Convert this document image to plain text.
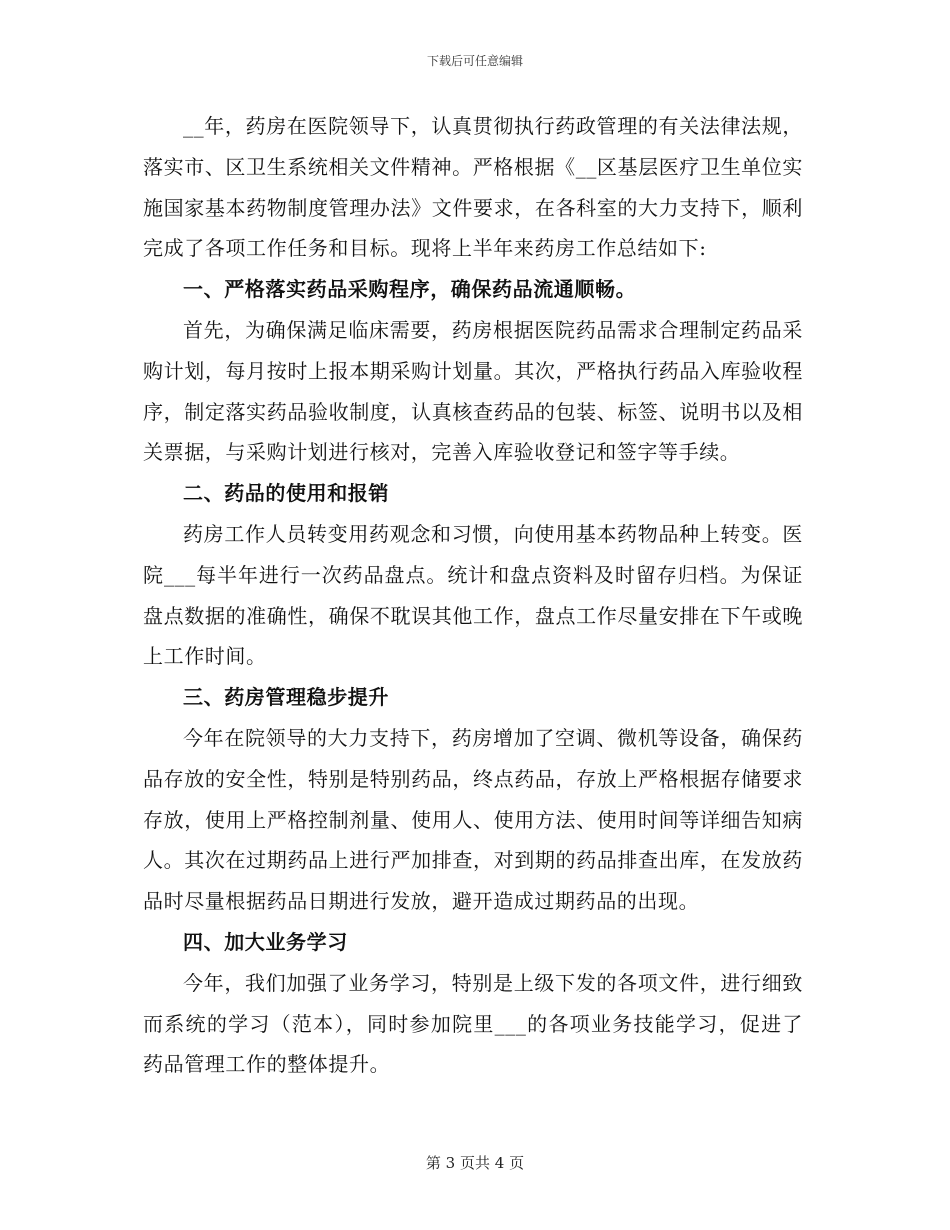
下载后可任意编辑

__年，药房在医院领导下，认真贯彻执行药政管理的有关法律法规，落实市、区卫生系统相关文件精神。严格根据《__区基层医疗卫生单位实施国家基本药物制度管理办法》文件要求，在各科室的大力支持下，顺利完成了各项工作任务和目标。现将上半年来药房工作总结如下:

一、严格落实药品采购程序，确保药品流通顺畅。

首先，为确保满足临床需要，药房根据医院药品需求合理制定药品采购计划，每月按时上报本期采购计划量。其次，严格执行药品入库验收程序，制定落实药品验收制度，认真核查药品的包装、标签、说明书以及相关票据，与采购计划进行核对，完善入库验收登记和签字等手续。

二、药品的使用和报销

药房工作人员转变用药观念和习惯，向使用基本药物品种上转变。医院___每半年进行一次药品盘点。统计和盘点资料及时留存归档。为保证盘点数据的准确性，确保不耽误其他工作，盘点工作尽量安排在下午或晚上工作时间。

三、药房管理稳步提升

今年在院领导的大力支持下，药房增加了空调、微机等设备，确保药品存放的安全性，特别是特别药品，终点药品，存放上严格根据存储要求存放，使用上严格控制剂量、使用人、使用方法、使用时间等详细告知病人。其次在过期药品上进行严加排查，对到期的药品排查出库，在发放药品时尽量根据药品日期进行发放，避开造成过期药品的出现。

四、加大业务学习

今年，我们加强了业务学习，特别是上级下发的各项文件，进行细致而系统的学习（范本），同时参加院里___的各项业务技能学习，促进了药品管理工作的整体提升。

第 3 页共 4 页
